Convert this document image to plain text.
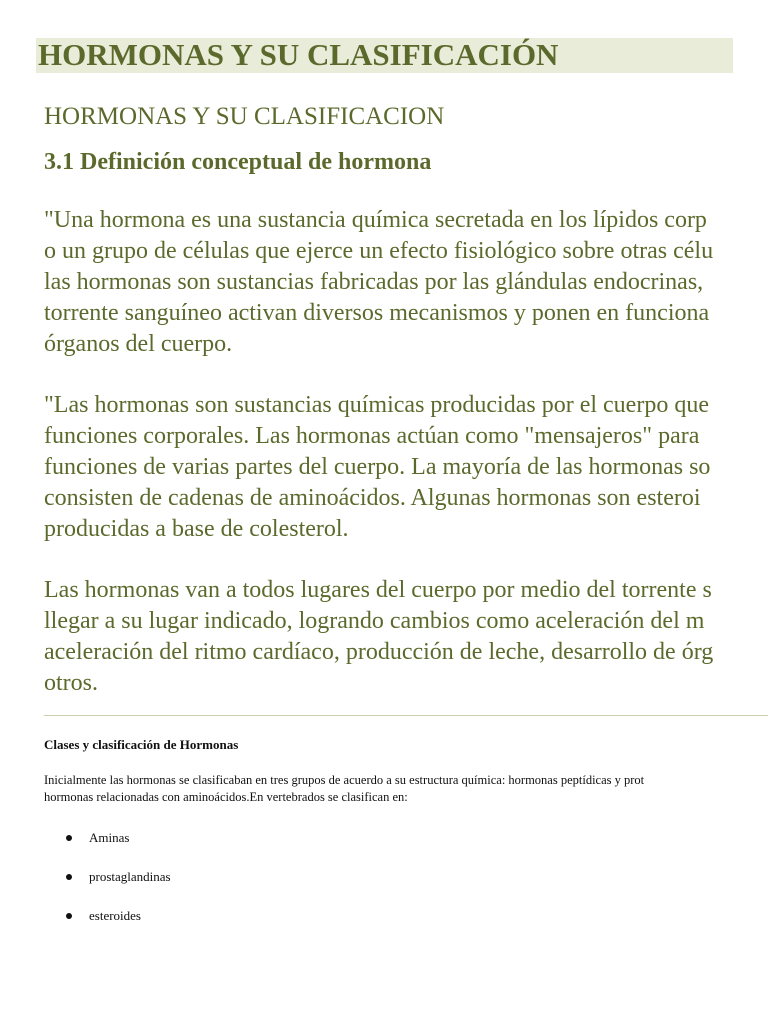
HORMONAS Y SU CLASIFICACIÓN

HORMONAS Y SU CLASIFICACION

3.1 Definición conceptual de hormona

"Una hormona es una sustancia química secretada en los lípidos corp
o un grupo de células que ejerce un efecto fisiológico sobre otras célu
las hormonas son sustancias fabricadas por las glándulas endocrinas,
torrente sanguíneo activan diversos mecanismos y ponen en funciona
órganos del cuerpo.

"Las hormonas son sustancias químicas producidas por el cuerpo que
funciones corporales. Las hormonas actúan como "mensajeros" para
funciones de varias partes del cuerpo. La mayoría de las hormonas so
consisten de cadenas de aminoácidos. Algunas hormonas son esteroi
producidas a base de colesterol.

Las hormonas van a todos lugares del cuerpo por medio del torrente s
llegar a su lugar indicado, logrando cambios como aceleración del m
aceleración del ritmo cardíaco, producción de leche, desarrollo de órg
otros.

Clases y clasificación de Hormonas

Inicialmente las hormonas se clasificaban en tres grupos de acuerdo a su estructura química: hormonas peptídicas y prot
hormonas relacionadas con aminoácidos.En vertebrados se clasifican en:

Aminas
prostaglandinas
esteroides
